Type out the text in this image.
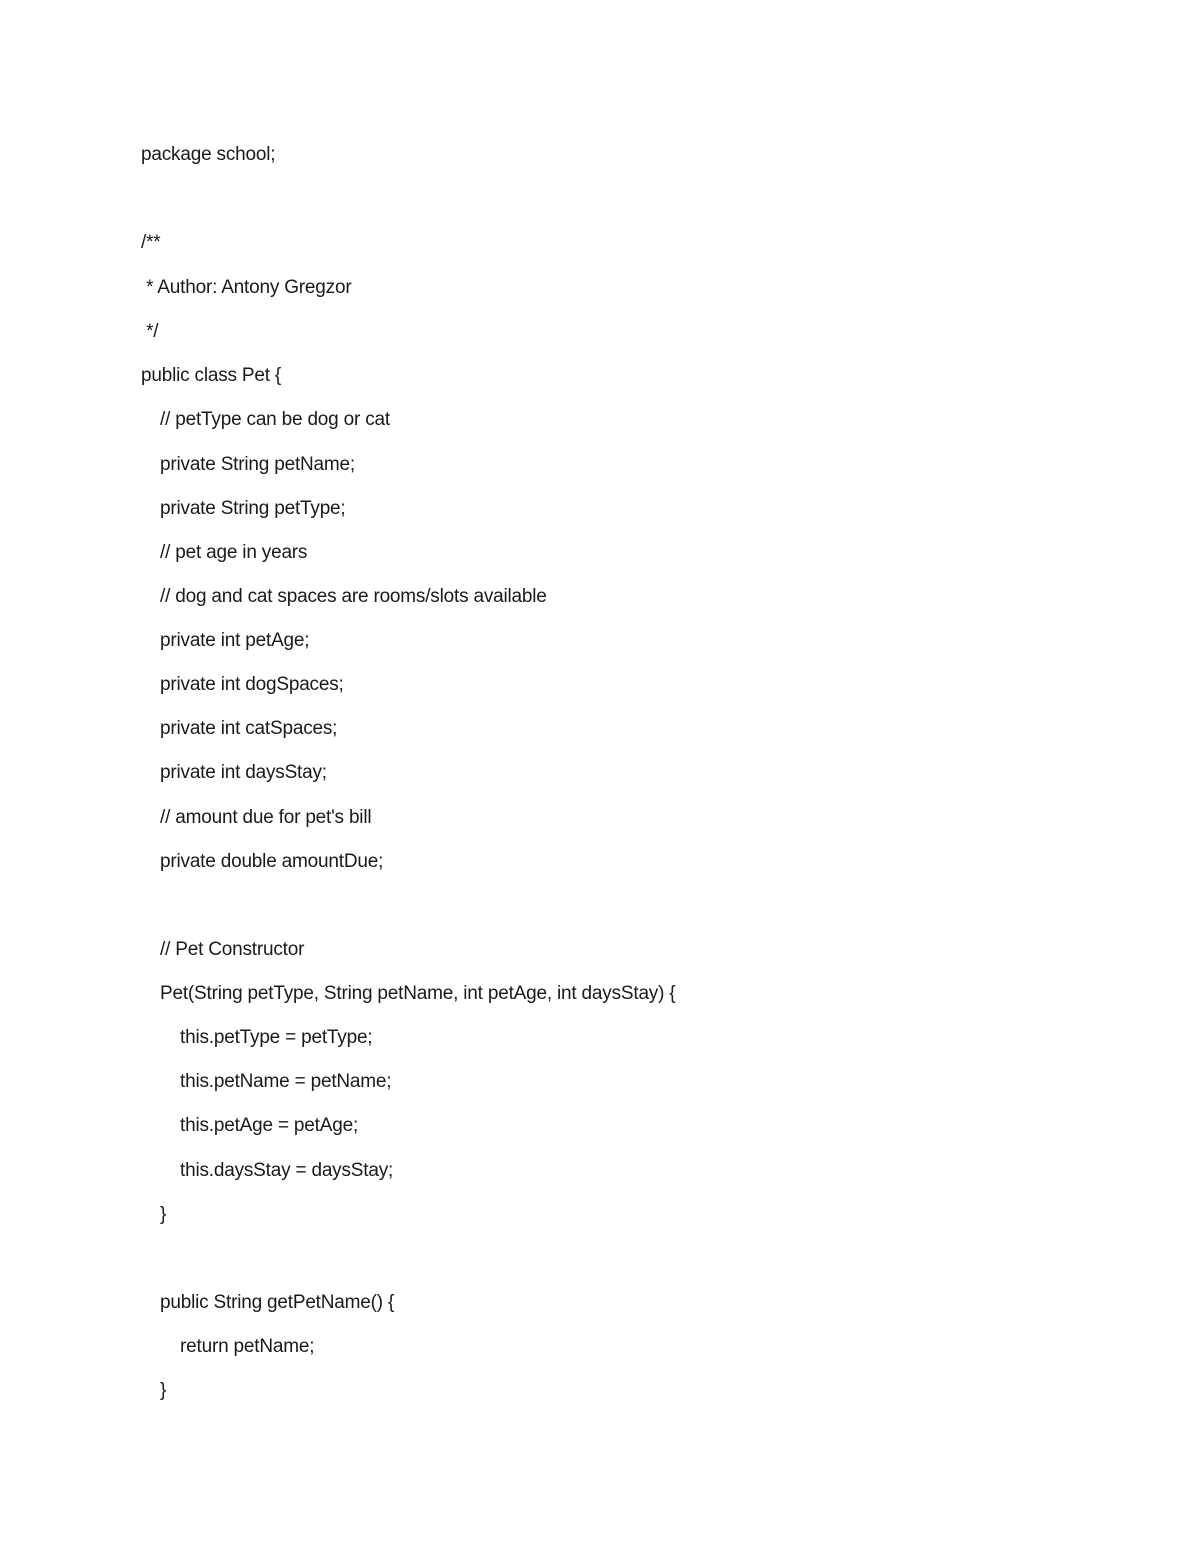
package school;
/**
* Author: Antony Gregzor
*/
public class Pet {
// petType can be dog or cat
private String petName;
private String petType;
// pet age in years
// dog and cat spaces are rooms/slots available
private int petAge;
private int dogSpaces;
private int catSpaces;
private int daysStay;
// amount due for pet's bill
private double amountDue;
// Pet Constructor
Pet(String petType, String petName, int petAge, int daysStay) {
this.petType = petType;
this.petName = petName;
this.petAge = petAge;
this.daysStay = daysStay;
}
public String getPetName() {
return petName;
}
